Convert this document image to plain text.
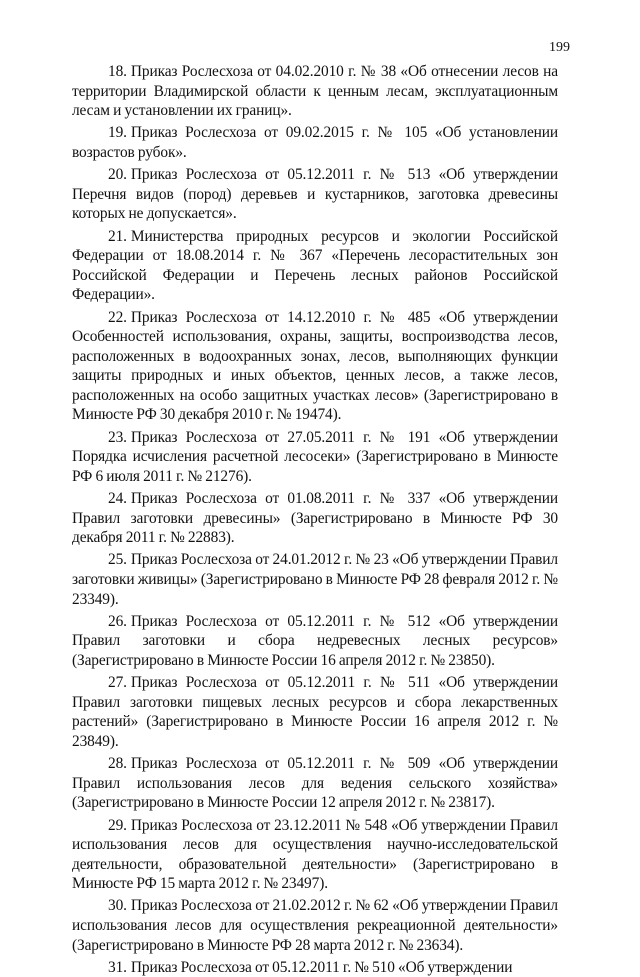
199

18. Приказ Рослесхоза от 04.02.2010 г. № 38 «Об отнесении лесов на территории Владимирской области к ценным лесам, эксплуатационным лесам и установлении их границ».

19. Приказ Рослесхоза от 09.02.2015 г. № 105 «Об установлении возрастов рубок».

20. Приказ Рослесхоза от 05.12.2011 г. № 513 «Об утверждении Перечня видов (пород) деревьев и кустарников, заготовка древесины которых не допускается».

21. Министерства природных ресурсов и экологии Российской Федерации от 18.08.2014 г. № 367 «Перечень лесорастительных зон Российской Федерации и Перечень лесных районов Российской Федерации».

22. Приказ Рослесхоза от 14.12.2010 г. № 485 «Об утверждении Особенностей использования, охраны, защиты, воспроизводства лесов, расположенных в водоохранных зонах, лесов, выполняющих функции защиты природных и иных объектов, ценных лесов, а также лесов, расположенных на особо защитных участках лесов» (Зарегистрировано в Минюсте РФ 30 декабря 2010 г. № 19474).

23. Приказ Рослесхоза от 27.05.2011 г. № 191 «Об утверждении Порядка исчисления расчетной лесосеки» (Зарегистрировано в Минюсте РФ 6 июля 2011 г. № 21276).

24. Приказ Рослесхоза от 01.08.2011 г. № 337 «Об утверждении Правил заготовки древесины» (Зарегистрировано в Минюсте РФ 30 декабря 2011 г. № 22883).

25. Приказ Рослесхоза от 24.01.2012 г. № 23 «Об утверждении Правил заготовки живицы» (Зарегистрировано в Минюсте РФ 28 февраля 2012 г. № 23349).

26. Приказ Рослесхоза от 05.12.2011 г. № 512 «Об утверждении Правил заготовки и сбора недревесных лесных ресурсов» (Зарегистрировано в Минюсте России 16 апреля 2012 г. № 23850).

27. Приказ Рослесхоза от 05.12.2011 г. № 511 «Об утверждении Правил заготовки пищевых лесных ресурсов и сбора лекарственных растений» (Зарегистрировано в Минюсте России 16 апреля 2012 г. № 23849).

28. Приказ Рослесхоза от 05.12.2011 г. № 509 «Об утверждении Правил использования лесов для ведения сельского хозяйства» (Зарегистрировано в Минюсте России 12 апреля 2012 г. № 23817).

29. Приказ Рослесхоза от 23.12.2011 № 548 «Об утверждении Правил использования лесов для осуществления научно-исследовательской деятельности, образовательной деятельности» (Зарегистрировано в Минюсте РФ 15 марта 2012 г. № 23497).

30. Приказ Рослесхоза от 21.02.2012 г. № 62 «Об утверждении Правил использования лесов для осуществления рекреационной деятельности» (Зарегистрировано в Минюсте РФ 28 марта 2012 г. № 23634).

31. Приказ Рослесхоза от 05.12.2011 г. № 510 «Об утверждении
